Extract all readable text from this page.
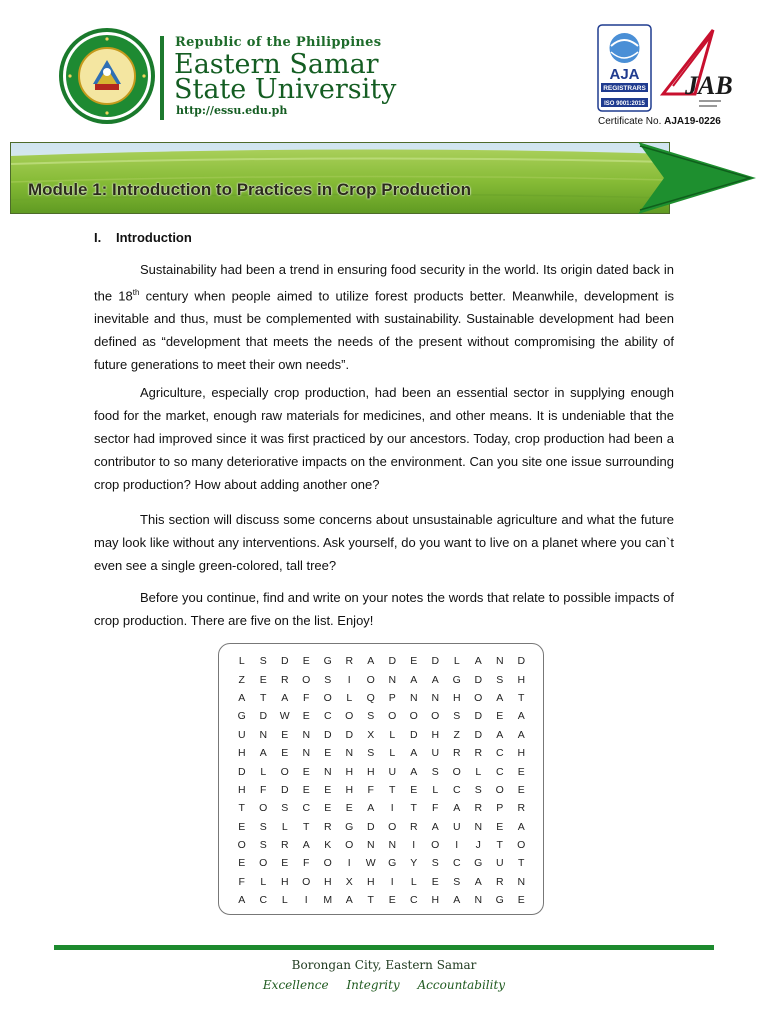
Republic of the Philippines
Eastern Samar
State University
http://essu.edu.ph
AJA
REGISTRARS
ISO 9001:2015
JAB
Certificate No. AJA19-0226
Module 1: Introduction to Practices in Crop Production
I. Introduction
Sustainability had been a trend in ensuring food security in the world. Its origin dated back in the 18th century when people aimed to utilize forest products better. Meanwhile, development is inevitable and thus, must be complemented with sustainability. Sustainable development had been defined as “development that meets the needs of the present without compromising the ability of future generations to meet their own needs”.
Agriculture, especially crop production, had been an essential sector in supplying enough food for the market, enough raw materials for medicines, and other means. It is undeniable that the sector had improved since it was first practiced by our ancestors. Today, crop production had been a contributor to so many deteriorative impacts on the environment. Can you site one issue surrounding crop production? How about adding another one?
This section will discuss some concerns about unsustainable agriculture and what the future may look like without any interventions. Ask yourself, do you want to live on a planet where you can`t even see a single green-colored, tall tree?
Before you continue, find and write on your notes the words that relate to possible impacts of crop production. There are five on the list. Enjoy!
L	S	D	E	G	R	A	D	E	D	L	A	N	D
Z	E	R	O	S	I	O	N	A	A	G	D	S	H
A	T	A	F	O	L	Q	P	N	N	H	O	A	T
G	D	W	E	C	O	S	O	O	O	S	D	E	A
U	N	E	N	D	D	X	L	D	H	Z	D	A	A
H	A	E	N	E	N	S	L	A	U	R	R	C	H
D	L	O	E	N	H	H	U	A	S	O	L	C	E
H	F	D	E	E	H	F	T	E	L	C	S	O	E
T	O	S	C	E	E	A	I	T	F	A	R	P	R
E	S	L	T	R	G	D	O	R	A	U	N	E	A
O	S	R	A	K	O	N	N	I	O	I	J	T	O
E	O	E	F	O	I	W	G	Y	S	C	G	U	T
F	L	H	O	H	X	H	I	L	E	S	A	R	N
A	C	L	I	M	A	T	E	C	H	A	N	G	E
Borongan City, Eastern Samar
Excellence Integrity Accountability
